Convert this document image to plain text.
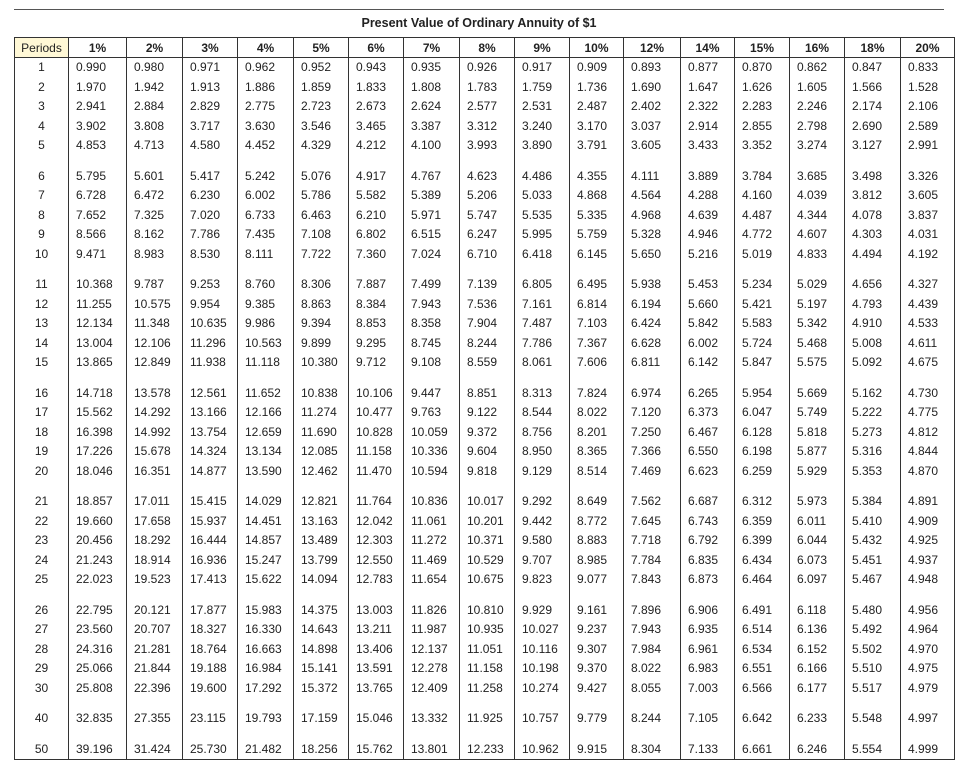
Present Value of Ordinary Annuity of $1
Periods	1%	2%	3%	4%	5%	6%	7%	8%	9%	10%	12%	14%	15%	16%	18%	20%
1	0.990	0.980	0.971	0.962	0.952	0.943	0.935	0.926	0.917	0.909	0.893	0.877	0.870	0.862	0.847	0.833
2	1.970	1.942	1.913	1.886	1.859	1.833	1.808	1.783	1.759	1.736	1.690	1.647	1.626	1.605	1.566	1.528
3	2.941	2.884	2.829	2.775	2.723	2.673	2.624	2.577	2.531	2.487	2.402	2.322	2.283	2.246	2.174	2.106
4	3.902	3.808	3.717	3.630	3.546	3.465	3.387	3.312	3.240	3.170	3.037	2.914	2.855	2.798	2.690	2.589
5	4.853	4.713	4.580	4.452	4.329	4.212	4.100	3.993	3.890	3.791	3.605	3.433	3.352	3.274	3.127	2.991

6	5.795	5.601	5.417	5.242	5.076	4.917	4.767	4.623	4.486	4.355	4.111	3.889	3.784	3.685	3.498	3.326
7	6.728	6.472	6.230	6.002	5.786	5.582	5.389	5.206	5.033	4.868	4.564	4.288	4.160	4.039	3.812	3.605
8	7.652	7.325	7.020	6.733	6.463	6.210	5.971	5.747	5.535	5.335	4.968	4.639	4.487	4.344	4.078	3.837
9	8.566	8.162	7.786	7.435	7.108	6.802	6.515	6.247	5.995	5.759	5.328	4.946	4.772	4.607	4.303	4.031
10	9.471	8.983	8.530	8.111	7.722	7.360	7.024	6.710	6.418	6.145	5.650	5.216	5.019	4.833	4.494	4.192

11	10.368	9.787	9.253	8.760	8.306	7.887	7.499	7.139	6.805	6.495	5.938	5.453	5.234	5.029	4.656	4.327
12	11.255	10.575	9.954	9.385	8.863	8.384	7.943	7.536	7.161	6.814	6.194	5.660	5.421	5.197	4.793	4.439
13	12.134	11.348	10.635	9.986	9.394	8.853	8.358	7.904	7.487	7.103	6.424	5.842	5.583	5.342	4.910	4.533
14	13.004	12.106	11.296	10.563	9.899	9.295	8.745	8.244	7.786	7.367	6.628	6.002	5.724	5.468	5.008	4.611
15	13.865	12.849	11.938	11.118	10.380	9.712	9.108	8.559	8.061	7.606	6.811	6.142	5.847	5.575	5.092	4.675

16	14.718	13.578	12.561	11.652	10.838	10.106	9.447	8.851	8.313	7.824	6.974	6.265	5.954	5.669	5.162	4.730
17	15.562	14.292	13.166	12.166	11.274	10.477	9.763	9.122	8.544	8.022	7.120	6.373	6.047	5.749	5.222	4.775
18	16.398	14.992	13.754	12.659	11.690	10.828	10.059	9.372	8.756	8.201	7.250	6.467	6.128	5.818	5.273	4.812
19	17.226	15.678	14.324	13.134	12.085	11.158	10.336	9.604	8.950	8.365	7.366	6.550	6.198	5.877	5.316	4.844
20	18.046	16.351	14.877	13.590	12.462	11.470	10.594	9.818	9.129	8.514	7.469	6.623	6.259	5.929	5.353	4.870

21	18.857	17.011	15.415	14.029	12.821	11.764	10.836	10.017	9.292	8.649	7.562	6.687	6.312	5.973	5.384	4.891
22	19.660	17.658	15.937	14.451	13.163	12.042	11.061	10.201	9.442	8.772	7.645	6.743	6.359	6.011	5.410	4.909
23	20.456	18.292	16.444	14.857	13.489	12.303	11.272	10.371	9.580	8.883	7.718	6.792	6.399	6.044	5.432	4.925
24	21.243	18.914	16.936	15.247	13.799	12.550	11.469	10.529	9.707	8.985	7.784	6.835	6.434	6.073	5.451	4.937
25	22.023	19.523	17.413	15.622	14.094	12.783	11.654	10.675	9.823	9.077	7.843	6.873	6.464	6.097	5.467	4.948

26	22.795	20.121	17.877	15.983	14.375	13.003	11.826	10.810	9.929	9.161	7.896	6.906	6.491	6.118	5.480	4.956
27	23.560	20.707	18.327	16.330	14.643	13.211	11.987	10.935	10.027	9.237	7.943	6.935	6.514	6.136	5.492	4.964
28	24.316	21.281	18.764	16.663	14.898	13.406	12.137	11.051	10.116	9.307	7.984	6.961	6.534	6.152	5.502	4.970
29	25.066	21.844	19.188	16.984	15.141	13.591	12.278	11.158	10.198	9.370	8.022	6.983	6.551	6.166	5.510	4.975
30	25.808	22.396	19.600	17.292	15.372	13.765	12.409	11.258	10.274	9.427	8.055	7.003	6.566	6.177	5.517	4.979

40	32.835	27.355	23.115	19.793	17.159	15.046	13.332	11.925	10.757	9.779	8.244	7.105	6.642	6.233	5.548	4.997

50	39.196	31.424	25.730	21.482	18.256	15.762	13.801	12.233	10.962	9.915	8.304	7.133	6.661	6.246	5.554	4.999
